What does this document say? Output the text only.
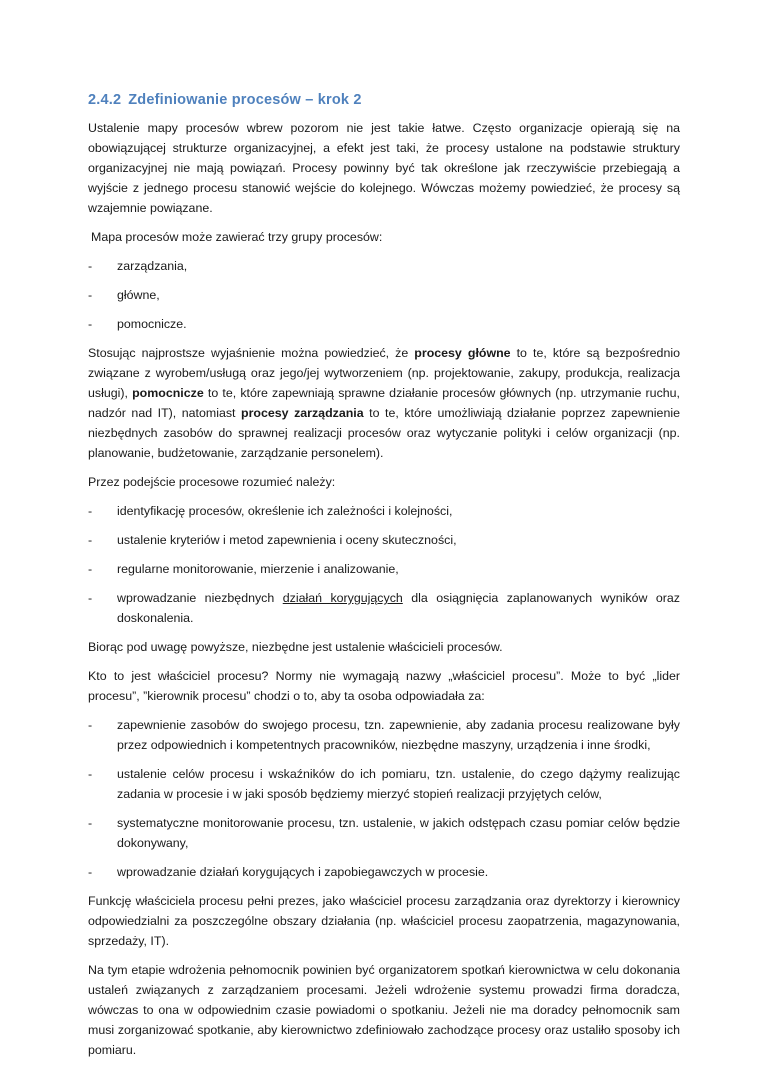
2.4.2 Zdefiniowanie procesów – krok 2

Ustalenie mapy procesów wbrew pozorom nie jest takie łatwe. Często organizacje opierają się na obowiązującej strukturze organizacyjnej, a efekt jest taki, że procesy ustalone na podstawie struktury organizacyjnej nie mają powiązań. Procesy powinny być tak określone jak rzeczywiście przebiegają a wyjście z jednego procesu stanowić wejście do kolejnego. Wówczas możemy powiedzieć, że procesy są wzajemnie powiązane.

Mapa procesów może zawierać trzy grupy procesów:

- zarządzania,
- główne,
- pomocnicze.

Stosując najprostsze wyjaśnienie można powiedzieć, że procesy główne to te, które są bezpośrednio związane z wyrobem/usługą oraz jego/jej wytworzeniem (np. projektowanie, zakupy, produkcja, realizacja usługi), pomocnicze to te, które zapewniają sprawne działanie procesów głównych (np. utrzymanie ruchu, nadzór nad IT), natomiast procesy zarządzania to te, które umożliwiają działanie poprzez zapewnienie niezbędnych zasobów do sprawnej realizacji procesów oraz wytyczanie polityki i celów organizacji (np. planowanie, budżetowanie, zarządzanie personelem).

Przez podejście procesowe rozumieć należy:

- identyfikację procesów, określenie ich zależności i kolejności,
- ustalenie kryteriów i metod zapewnienia i oceny skuteczności,
- regularne monitorowanie, mierzenie i analizowanie,
- wprowadzanie niezbędnych działań korygujących dla osiągnięcia zaplanowanych wyników oraz doskonalenia.

Biorąc pod uwagę powyższe, niezbędne jest ustalenie właścicieli procesów.

Kto to jest właściciel procesu? Normy nie wymagają nazwy „właściciel procesu”. Może to być „lider procesu”, ”kierownik procesu” chodzi o to, aby ta osoba odpowiadała za:

- zapewnienie zasobów do swojego procesu, tzn. zapewnienie, aby zadania procesu realizowane były przez odpowiednich i kompetentnych pracowników, niezbędne maszyny, urządzenia i inne środki,
- ustalenie celów procesu i wskaźników do ich pomiaru, tzn. ustalenie, do czego dążymy realizując zadania w procesie i w jaki sposób będziemy mierzyć stopień realizacji przyjętych celów,
- systematyczne monitorowanie procesu, tzn. ustalenie, w jakich odstępach czasu pomiar celów będzie dokonywany,
- wprowadzanie działań korygujących i zapobiegawczych w procesie.

Funkcję właściciela procesu pełni prezes, jako właściciel procesu zarządzania oraz dyrektorzy i kierownicy odpowiedzialni za poszczególne obszary działania (np. właściciel procesu zaopatrzenia, magazynowania, sprzedaży, IT).

Na tym etapie wdrożenia pełnomocnik powinien być organizatorem spotkań kierownictwa w celu dokonania ustaleń związanych z zarządzaniem procesami. Jeżeli wdrożenie systemu prowadzi firma doradcza, wówczas to ona w odpowiednim czasie powiadomi o spotkaniu. Jeżeli nie ma doradcy pełnomocnik sam musi zorganizować spotkanie, aby kierownictwo zdefiniowało zachodzące procesy oraz ustaliło sposoby ich pomiaru.
